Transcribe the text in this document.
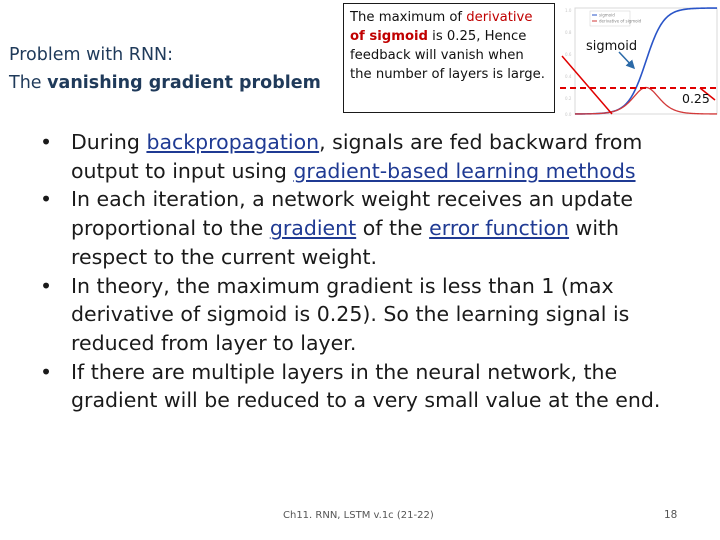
Problem with RNN:
The vanishing gradient problem
The maximum of derivative
of sigmoid is 0.25, Hence feedback will vanish when the number of layers is large.
1.0
0.8
0.6
0.4
0.2
0.0
sigmoid
derivative of sigmoid
sigmoid
0.25
• During backpropagation, signals are fed backward from output to input using gradient-based learning methods
• In each iteration, a network weight receives an update proportional to the gradient of the error function with respect to the current weight.
• In theory, the maximum gradient is less than 1 (max derivative of sigmoid is 0.25). So the learning signal is reduced from layer to layer.
• If there are multiple layers in the neural network, the gradient will be reduced to a very small value at the end.
Ch11. RNN, LSTM v.1c (21-22)	18
